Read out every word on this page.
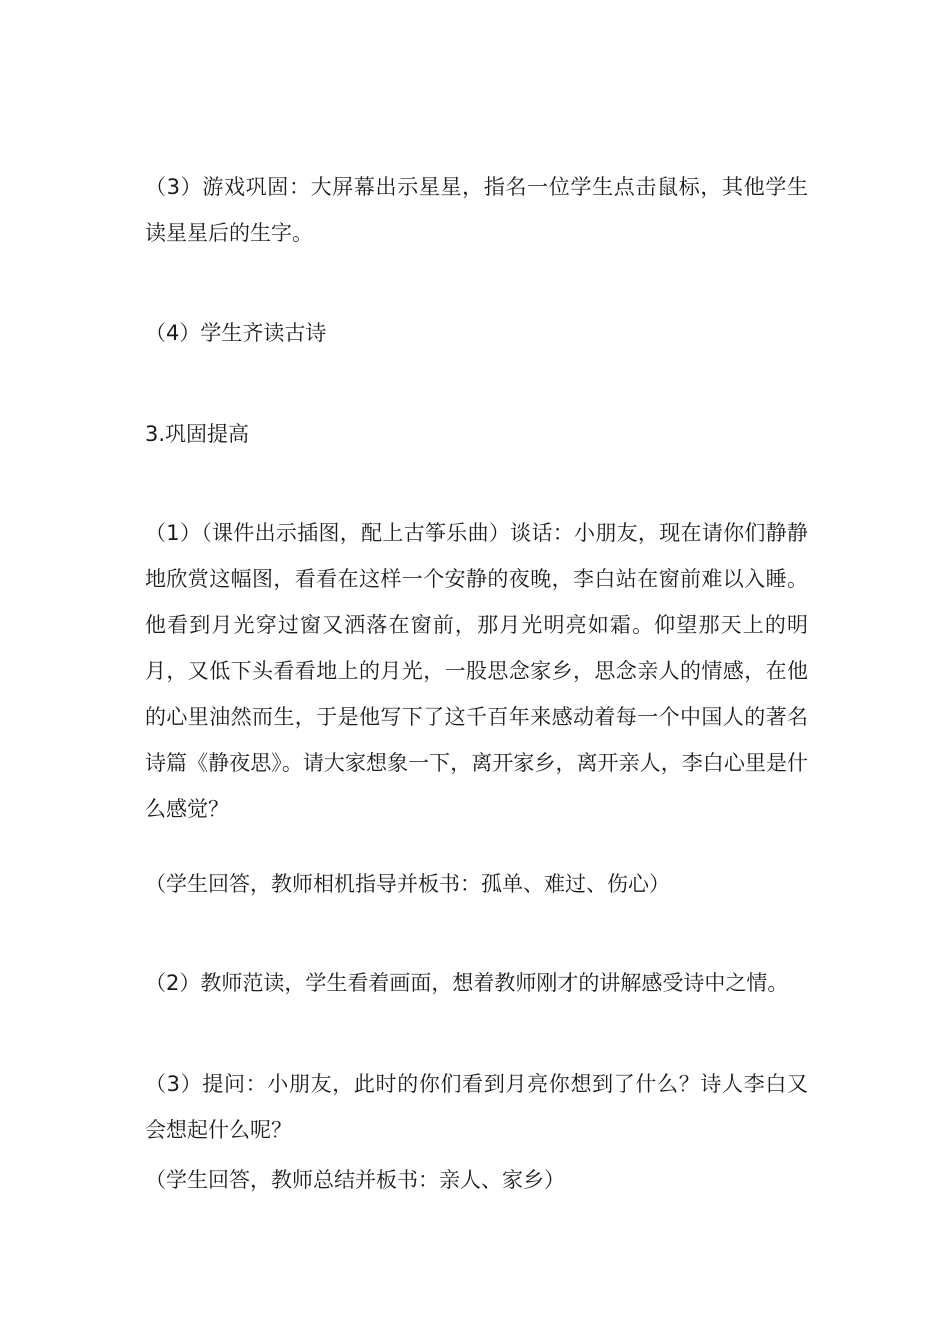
（3）游戏巩固：大屏幕出示星星，指名一位学生点击鼠标，其他学生读星星后的生字。

（4）学生齐读古诗

3.巩固提高

（1）（课件出示插图，配上古筝乐曲）谈话：小朋友，现在请你们静静地欣赏这幅图，看看在这样一个安静的夜晚，李白站在窗前难以入睡。他看到月光穿过窗又洒落在窗前，那月光明亮如霜。仰望那天上的明月，又低下头看看地上的月光，一股思念家乡，思念亲人的情感，在他的心里油然而生，于是他写下了这千百年来感动着每一个中国人的著名诗篇《静夜思》。请大家想象一下，离开家乡，离开亲人，李白心里是什么感觉？

（学生回答，教师相机指导并板书：孤单、难过、伤心）

（2）教师范读，学生看着画面，想着教师刚才的讲解感受诗中之情。

（3）提问：小朋友，此时的你们看到月亮你想到了什么？诗人李白又会想起什么呢？

（学生回答，教师总结并板书：亲人、家乡）
